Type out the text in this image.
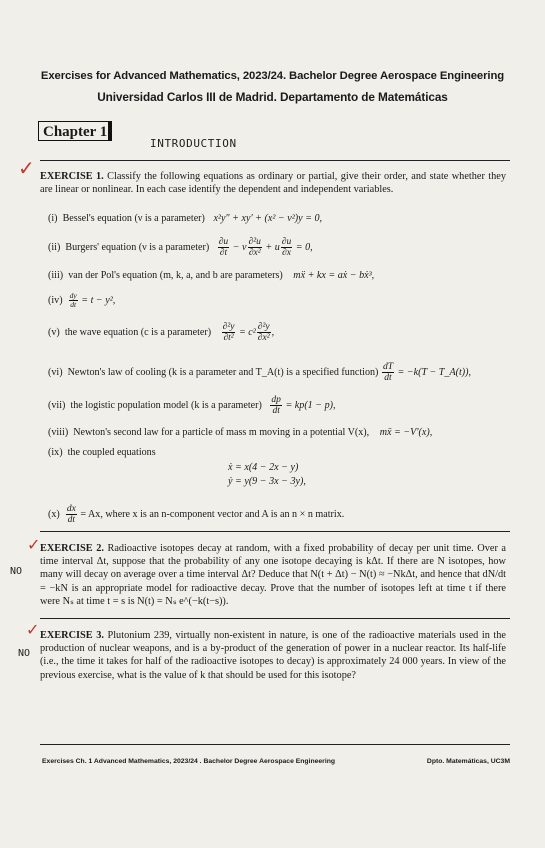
Exercises for Advanced Mathematics, 2023/24. Bachelor Degree Aerospace Engineering
Universidad Carlos III de Madrid. Departamento de Matemáticas
Chapter 1
INTRODUCTION
✓ EXERCISE 1. Classify the following equations as ordinary or partial, give their order, and state whether they are linear or nonlinear. In each case identify the dependent and independent variables.
(i) Bessel's equation (ν is a parameter) x²y″ + xy′ + (x² − ν²)y = 0,
(ii) Burgers' equation (ν is a parameter) $\frac{\partial u}{\partial t} - \nu \frac{\text{∂²u}}{\text{∂x²}} + u \frac{\partial u}{\partial x} = 0$,
(iii) van der Pol's equation (m, k, a, and b are parameters) mẍ + kx = aẋ − bẋ³,
$(iv) \frac{dy}{dt} = t - y^2$,
(v) the wave equation (c is a parameter) $\frac{\text{∂²y}}{\text{∂t²}} = c^2 \frac{\text{∂²y}}{\text{∂x²}}$ ,
(vi) Newton's law of cooling (k is a parameter and T_A(t) is a specified function) $\frac{dT}{dt} = -k(T$ − T_A(t)),
(vii) the logistic population model (k is a parameter) $\frac{dp}{dt} = kp(1 - p)$,
(viii) Newton's second law for a particle of mass m moving in a potential V(x), mẍ = −V′(x),
(ix) the coupled equations
ẋ = x(4 − 2x − y)
ẏ = y(9 − 3x − 3y),
$(x) \frac{dx}{dt} = Ax$, where x is an n-component vector and A is an n × n matrix.
✓
NO
EXERCISE 2. Radioactive isotopes decay at random, with a fixed probability of decay per unit time. Over a time interval Δt, suppose that the probability of any one isotope decaying is kΔt. If there are N isotopes, how many will decay on average over a time interval Δt? Deduce that N(t + Δt) − N(t) ≈ −NkΔt, and hence that dN/dt = −kN is an appropriate model for radioactive decay. Prove that the number of isotopes left at time t if there were Nₛ at time t = s is N(t) = Nₛ e^(−k(t−s)).
✓
NO
EXERCISE 3. Plutonium 239, virtually non-existent in nature, is one of the radioactive materials used in the production of nuclear weapons, and is a by-product of the generation of power in a nuclear reactor. Its half-life (i.e., the time it takes for half of the radioactive isotopes to decay) is approximately 24 000 years. In view of the previous exercise, what is the value of k that should be used for this isotope?
Exercises Ch. 1 Advanced Mathematics, 2023/24 . Bachelor Degree Aerospace Engineering	Dpto. Matemáticas, UC3M
